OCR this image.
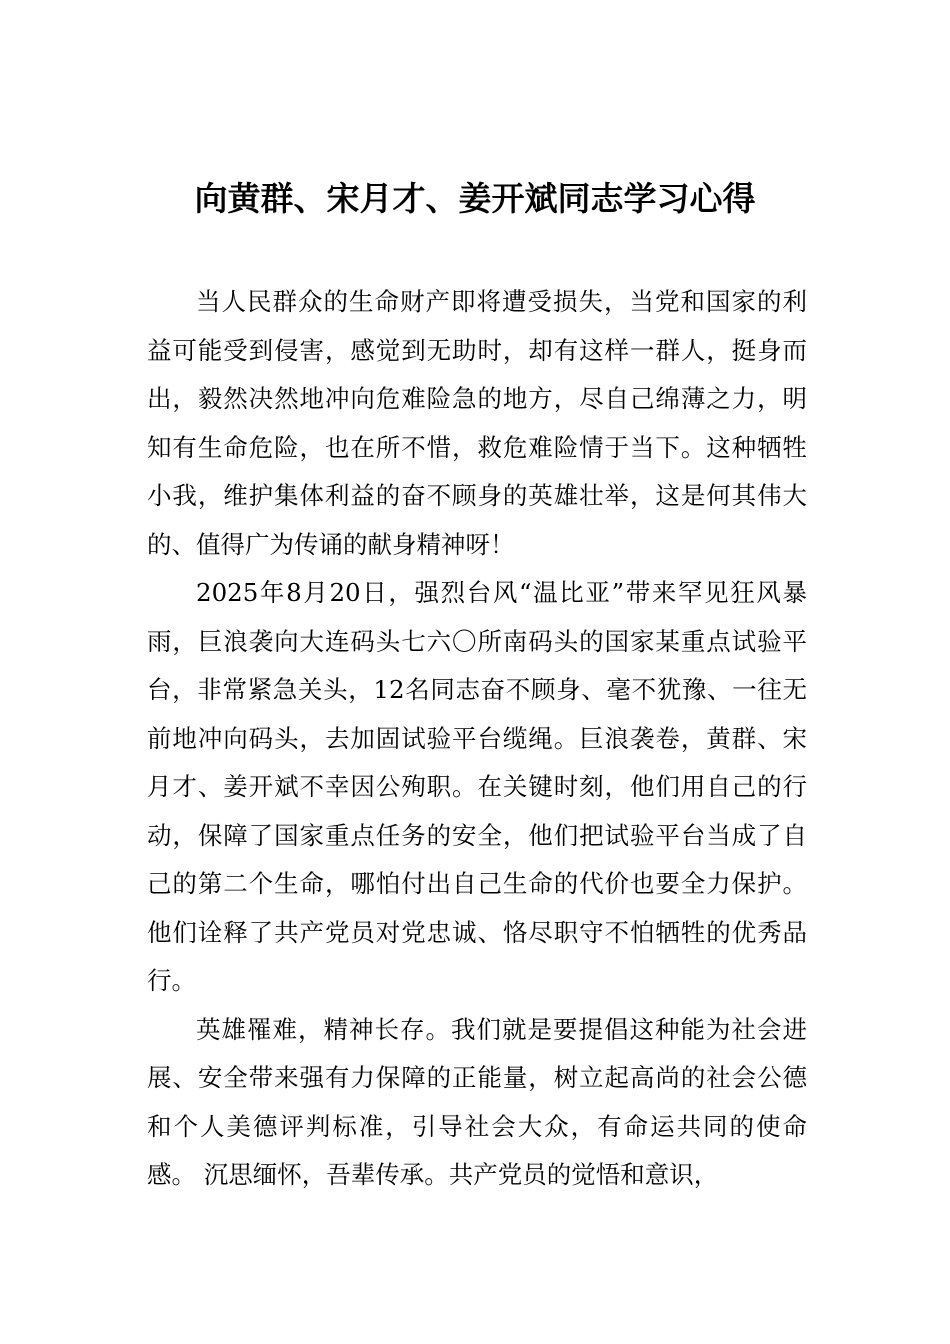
向黄群、宋月才、姜开斌同志学习心得

当人民群众的生命财产即将遭受损失，当党和国家的利益可能受到侵害，感觉到无助时，却有这样一群人，挺身而出，毅然决然地冲向危难险急的地方，尽自己绵薄之力，明知有生命危险，也在所不惜，救危难险情于当下。这种牺牲小我，维护集体利益的奋不顾身的英雄壮举，这是何其伟大的、值得广为传诵的献身精神呀！

2025年8月20日，强烈台风“温比亚”带来罕见狂风暴雨，巨浪袭向大连码头七六〇所南码头的国家某重点试验平台，非常紧急关头，12名同志奋不顾身、毫不犹豫、一往无前地冲向码头，去加固试验平台缆绳。巨浪袭卷，黄群、宋月才、姜开斌不幸因公殉职。在关键时刻，他们用自己的行动，保障了国家重点任务的安全，他们把试验平台当成了自己的第二个生命，哪怕付出自己生命的代价也要全力保护。他们诠释了共产党员对党忠诚、恪尽职守不怕牺牲的优秀品行。

英雄罹难，精神长存。我们就是要提倡这种能为社会进展、安全带来强有力保障的正能量，树立起高尚的社会公德和个人美德评判标准，引导社会大众，有命运共同的使命感。 沉思缅怀，吾辈传承。共产党员的觉悟和意识，
